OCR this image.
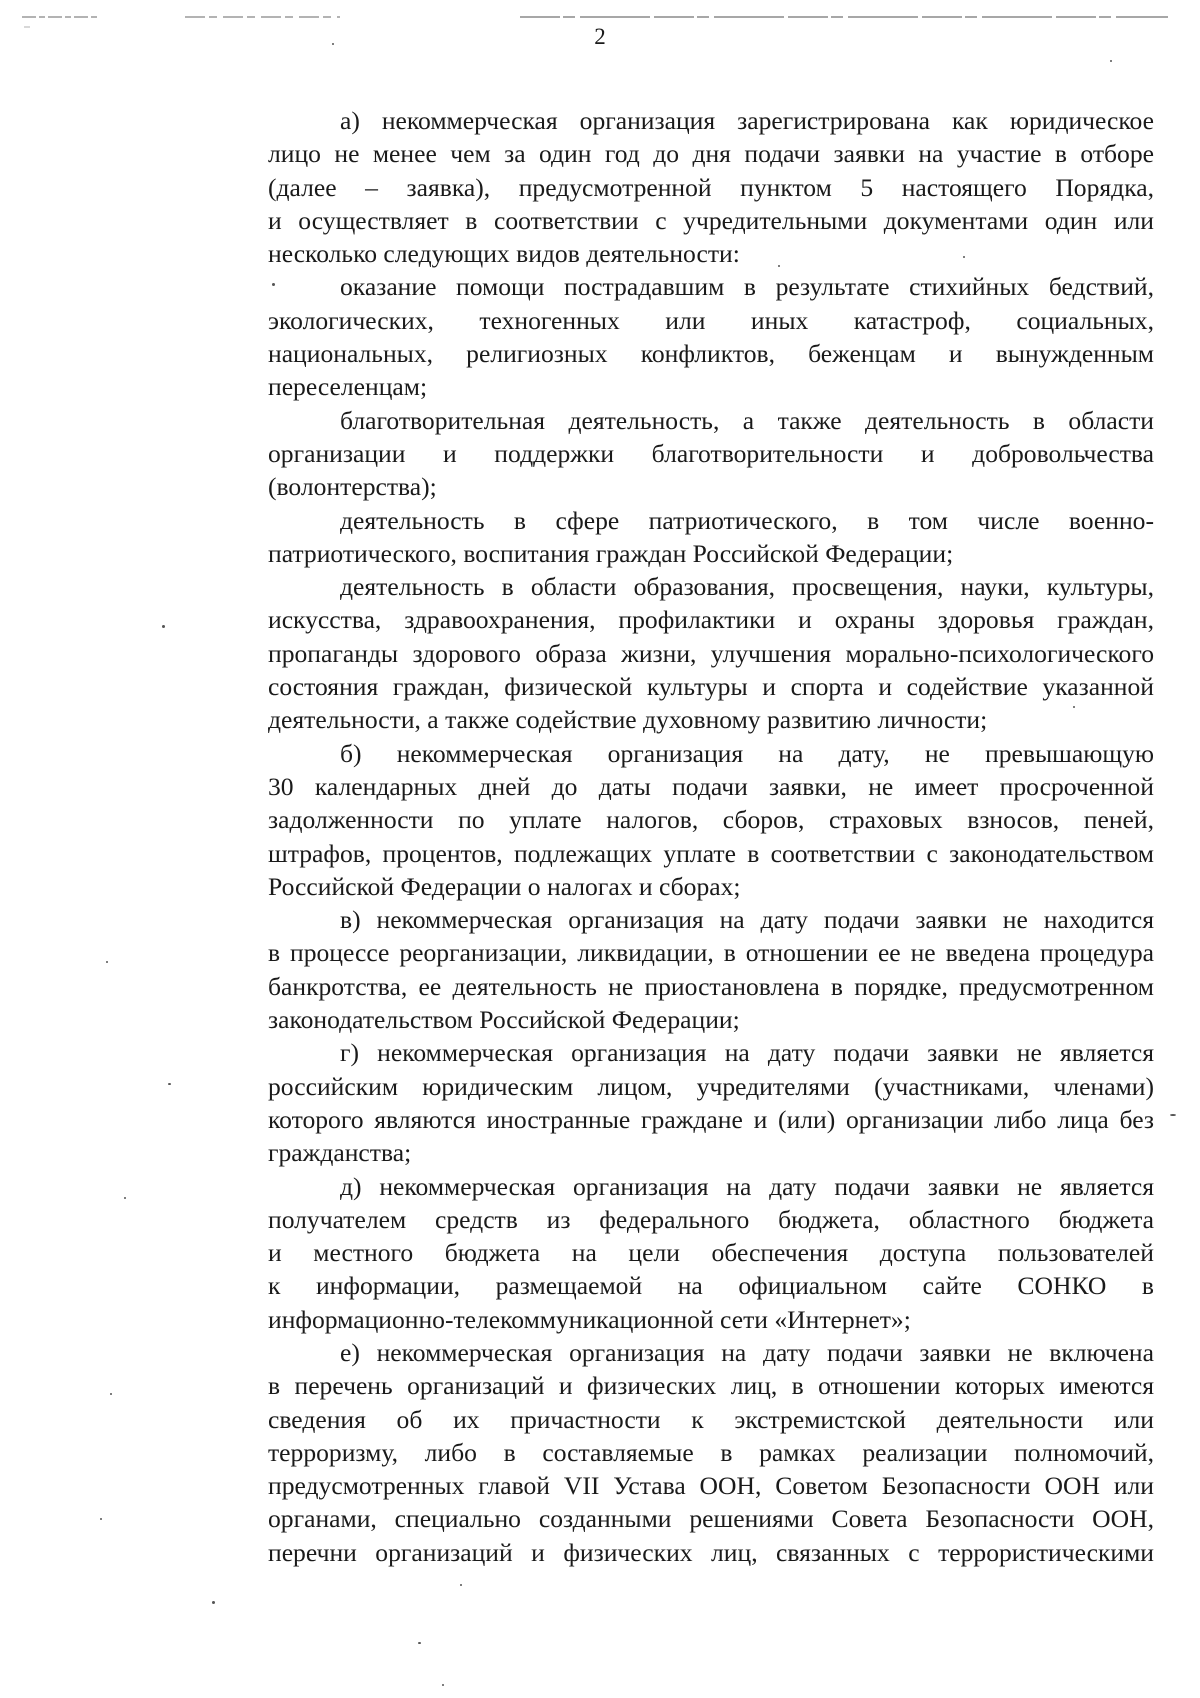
2
а) некоммерческая организация зарегистрирована как юридическое
лицо не менее чем за один год до дня подачи заявки на участие в отборе
(далее – заявка), предусмотренной пунктом 5 настоящего Порядка,
и осуществляет в соответствии с учредительными документами один или
несколько следующих видов деятельности:
оказание помощи пострадавшим в результате стихийных бедствий,
экологических, техногенных или иных катастроф, социальных,
национальных, религиозных конфликтов, беженцам и вынужденным
переселенцам;
благотворительная деятельность, а также деятельность в области
организации и поддержки благотворительности и добровольчества
(волонтерства);
деятельность в сфере патриотического, в том числе военно-
патриотического, воспитания граждан Российской Федерации;
деятельность в области образования, просвещения, науки, культуры,
искусства, здравоохранения, профилактики и охраны здоровья граждан,
пропаганды здорового образа жизни, улучшения морально-психологического
состояния граждан, физической культуры и спорта и содействие указанной
деятельности, а также содействие духовному развитию личности;
б) некоммерческая организация на дату, не превышающую
30 календарных дней до даты подачи заявки, не имеет просроченной
задолженности по уплате налогов, сборов, страховых взносов, пеней,
штрафов, процентов, подлежащих уплате в соответствии с законодательством
Российской Федерации о налогах и сборах;
в) некоммерческая организация на дату подачи заявки не находится
в процессе реорганизации, ликвидации, в отношении ее не введена процедура
банкротства, ее деятельность не приостановлена в порядке, предусмотренном
законодательством Российской Федерации;
г) некоммерческая организация на дату подачи заявки не является
российским юридическим лицом, учредителями (участниками, членами)
которого являются иностранные граждане и (или) организации либо лица без
гражданства;
д) некоммерческая организация на дату подачи заявки не является
получателем средств из федерального бюджета, областного бюджета
и местного бюджета на цели обеспечения доступа пользователей
к информации, размещаемой на официальном сайте СОНКО в
информационно-телекоммуникационной сети «Интернет»;
е) некоммерческая организация на дату подачи заявки не включена
в перечень организаций и физических лиц, в отношении которых имеются
сведения об их причастности к экстремистской деятельности или
терроризму, либо в составляемые в рамках реализации полномочий,
предусмотренных главой VII Устава ООН, Советом Безопасности ООН или
органами, специально созданными решениями Совета Безопасности ООН,
перечни организаций и физических лиц, связанных с террористическими
